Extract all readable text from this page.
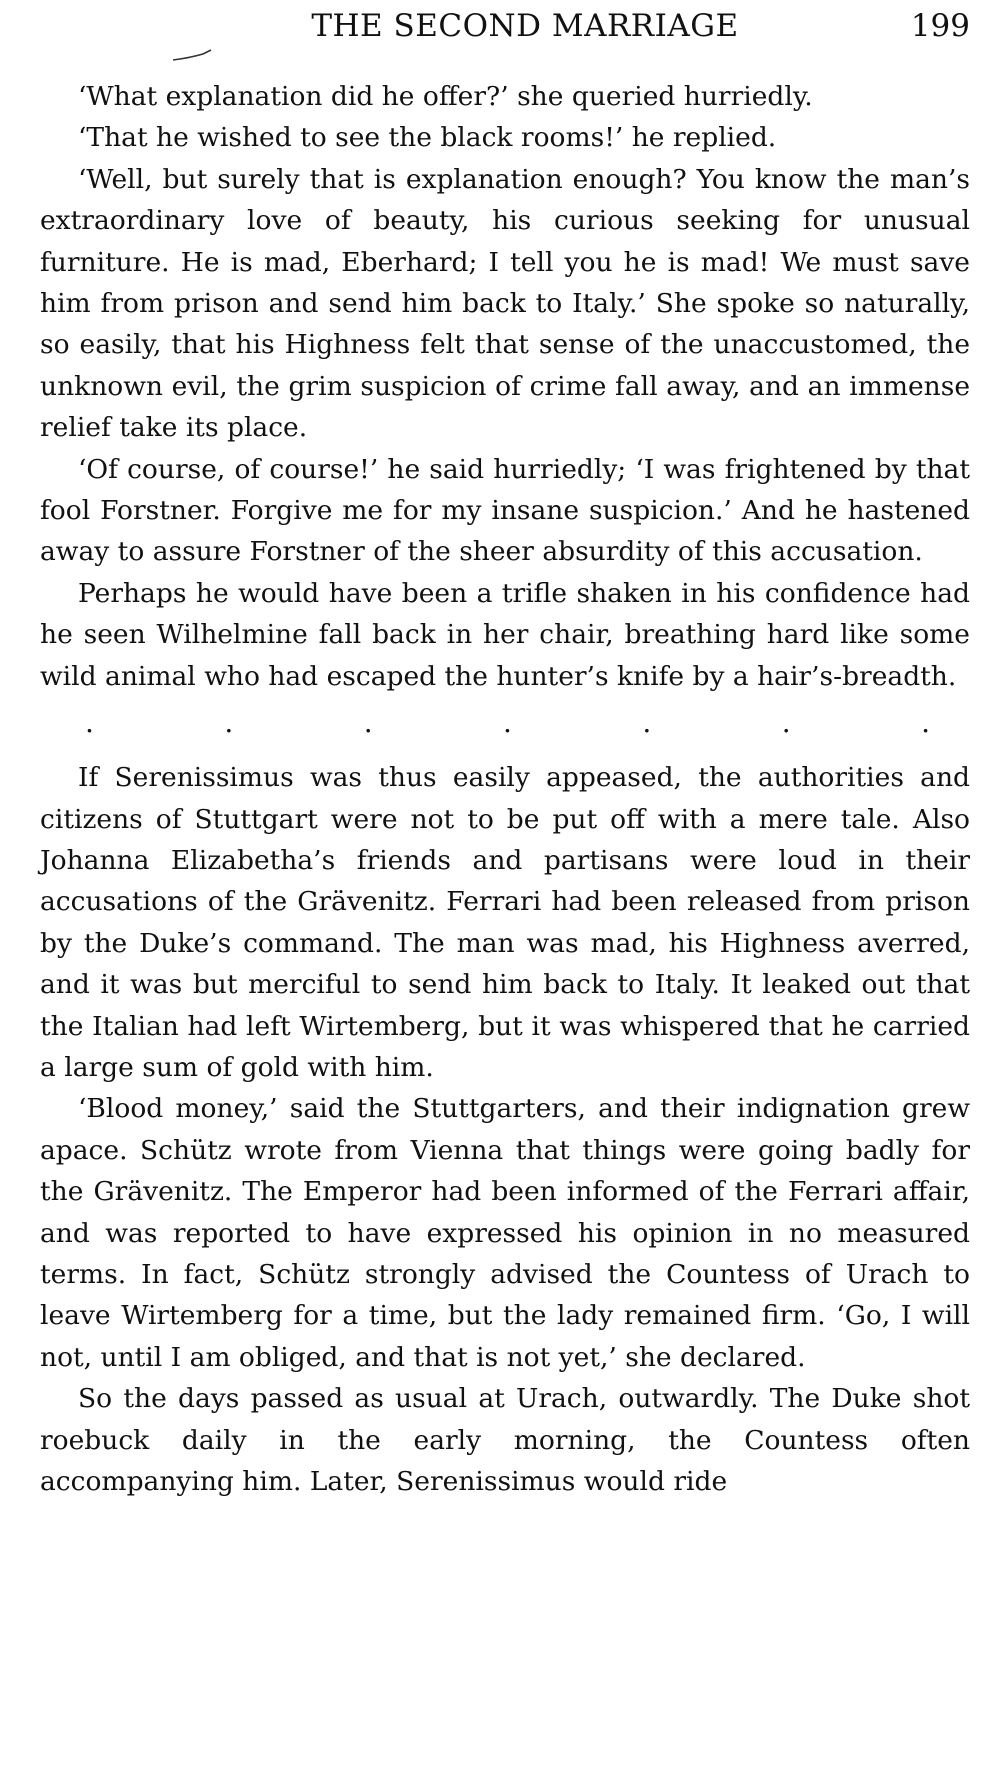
THE SECOND MARRIAGE	199

‘What explanation did he offer?’ she queried hurriedly.

‘That he wished to see the black rooms!’ he replied.

‘Well, but surely that is explanation enough? You know the man’s extraordinary love of beauty, his curious seeking for unusual furniture. He is mad, Eberhard; I tell you he is mad! We must save him from prison and send him back to Italy.’ She spoke so naturally, so easily, that his Highness felt that sense of the unaccustomed, the unknown evil, the grim suspicion of crime fall away, and an immense relief take its place.

‘Of course, of course!’ he said hurriedly; ‘I was frightened by that fool Forstner. Forgive me for my insane suspicion.’ And he hastened away to assure Forstner of the sheer absurdity of this accusation.

Perhaps he would have been a trifle shaken in his confidence had he seen Wilhelmine fall back in her chair, breathing hard like some wild animal who had escaped the hunter’s knife by a hair’s-breadth.

.	.	.	.	.	.	.

If Serenissimus was thus easily appeased, the authorities and citizens of Stuttgart were not to be put off with a mere tale. Also Johanna Elizabetha’s friends and partisans were loud in their accusations of the Grävenitz. Ferrari had been released from prison by the Duke’s command. The man was mad, his Highness averred, and it was but merciful to send him back to Italy. It leaked out that the Italian had left Wirtemberg, but it was whispered that he carried a large sum of gold with him.

‘Blood money,’ said the Stuttgarters, and their indignation grew apace. Schütz wrote from Vienna that things were going badly for the Grävenitz. The Emperor had been informed of the Ferrari affair, and was reported to have expressed his opinion in no measured terms. In fact, Schütz strongly advised the Countess of Urach to leave Wirtemberg for a time, but the lady remained firm. ‘Go, I will not, until I am obliged, and that is not yet,’ she declared.

So the days passed as usual at Urach, outwardly. The Duke shot roebuck daily in the early morning, the Countess often accompanying him. Later, Serenissimus would ride
